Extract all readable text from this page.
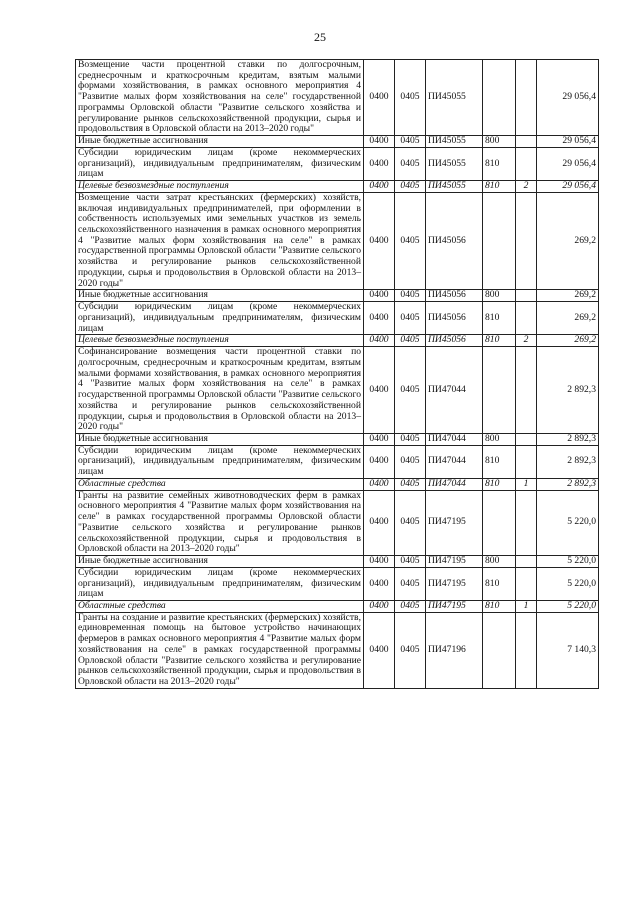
25
Возмещение части процентной ставки по долгосрочным, среднесрочным и краткосрочным кредитам, взятым малыми формами хозяйствования, в рамках основного мероприятия 4 "Развитие малых форм хозяйствования на селе" государственной программы Орловской области "Развитие сельского хозяйства и регулирование рынков сельскохозяйственной продукции, сырья и продовольствия в Орловской области на 2013–2020 годы"	0400	0405	ПИ45055			29 056,4
Иные бюджетные ассигнования	0400	0405	ПИ45055	800		29 056,4
Субсидии юридическим лицам (кроме некоммерческих организаций), индивидуальным предпринимателям, физическим лицам	0400	0405	ПИ45055	810		29 056,4
Целевые безвозмездные поступления	0400	0405	ПИ45055	810	2	29 056,4
Возмещение части затрат крестьянских (фермерских) хозяйств, включая индивидуальных предпринимателей, при оформлении в собственность используемых ими земельных участков из земель сельскохозяйственного назначения в рамках основного мероприятия 4 "Развитие малых форм хозяйствования на селе" в рамках государственной программы Орловской области "Развитие сельского хозяйства и регулирование рынков сельскохозяйственной продукции, сырья и продовольствия в Орловской области на 2013–2020 годы"	0400	0405	ПИ45056			269,2
Иные бюджетные ассигнования	0400	0405	ПИ45056	800		269,2
Субсидии юридическим лицам (кроме некоммерческих организаций), индивидуальным предпринимателям, физическим лицам	0400	0405	ПИ45056	810		269,2
Целевые безвозмездные поступления	0400	0405	ПИ45056	810	2	269,2
Софинансирование возмещения части процентной ставки по долгосрочным, среднесрочным и краткосрочным кредитам, взятым малыми формами хозяйствования, в рамках основного мероприятия 4 "Развитие малых форм хозяйствования на селе" в рамках государственной программы Орловской области "Развитие сельского хозяйства и регулирование рынков сельскохозяйственной продукции, сырья и продовольствия в Орловской области на 2013–2020 годы"	0400	0405	ПИ47044			2 892,3
Иные бюджетные ассигнования	0400	0405	ПИ47044	800		2 892,3
Субсидии юридическим лицам (кроме некоммерческих организаций), индивидуальным предпринимателям, физическим лицам	0400	0405	ПИ47044	810		2 892,3
Областные средства	0400	0405	ПИ47044	810	1	2 892,3
Гранты на развитие семейных животноводческих ферм в рамках основного мероприятия 4 "Развитие малых форм хозяйствования на селе" в рамках государственной программы Орловской области "Развитие сельского хозяйства и регулирование рынков сельскохозяйственной продукции, сырья и продовольствия в Орловской области на 2013–2020 годы"	0400	0405	ПИ47195			5 220,0
Иные бюджетные ассигнования	0400	0405	ПИ47195	800		5 220,0
Субсидии юридическим лицам (кроме некоммерческих организаций), индивидуальным предпринимателям, физическим лицам	0400	0405	ПИ47195	810		5 220,0
Областные средства	0400	0405	ПИ47195	810	1	5 220,0
Гранты на создание и развитие крестьянских (фермерских) хозяйств, единовременная помощь на бытовое устройство начинающих фермеров в рамках основного мероприятия 4 "Развитие малых форм хозяйствования на селе" в рамках государственной программы Орловской области "Развитие сельского хозяйства и регулирование рынков сельскохозяйственной продукции, сырья и продовольствия в Орловской области на 2013–2020 годы"	0400	0405	ПИ47196			7 140,3
